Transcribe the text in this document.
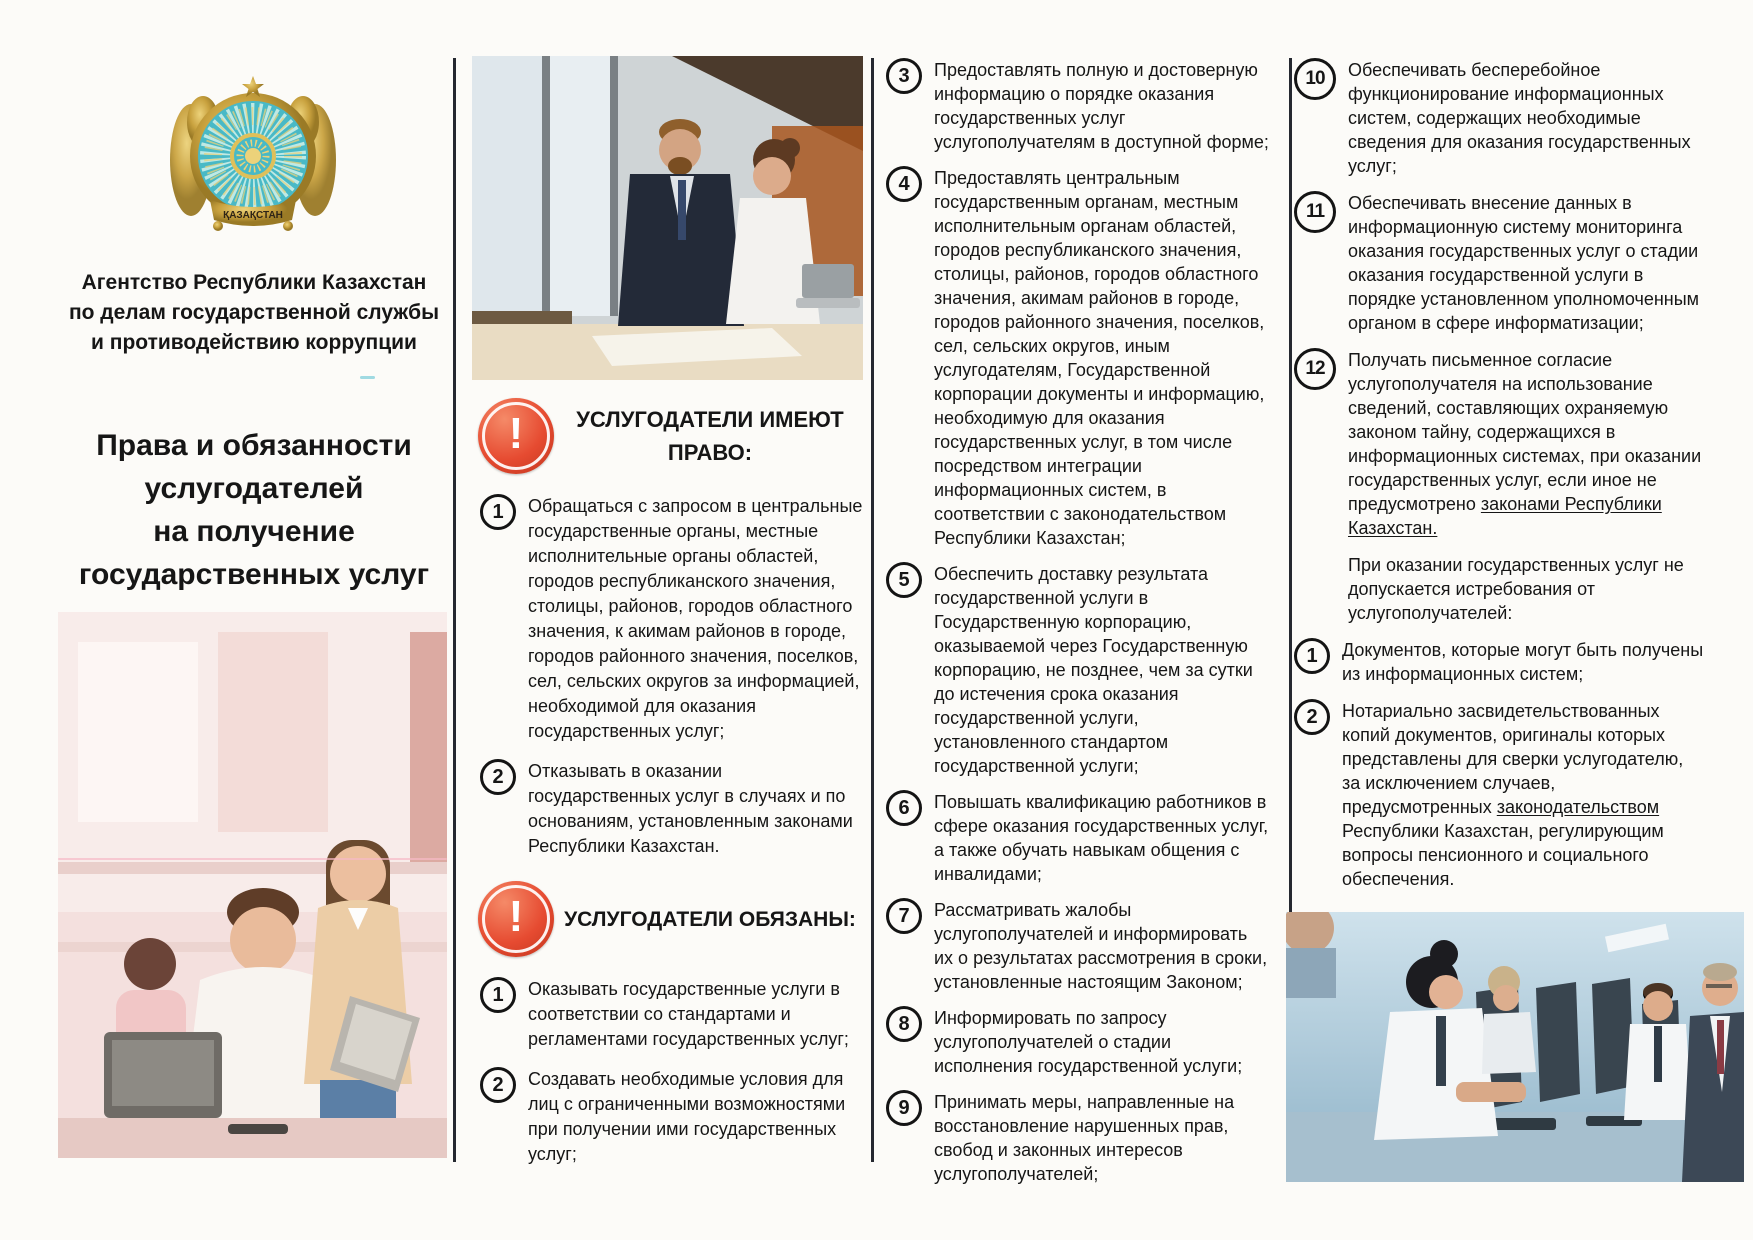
ҚАЗАҚСТАН
Агентство Республики Казахстан
по делам государственной службы
и противодействию коррупции
Права и обязанности
услугодателей
на получение
государственных услуг
!	УСЛУГОДАТЕЛИ ИМЕЮТ
ПРАВО:
1	Обращаться с запросом в центральные государственные органы, местные исполнительные органы областей, городов республиканского значения, столицы, районов, городов областного значения, к акимам районов в городе, городов районного значения, поселков, сел, сельских округов за информацией, необходимой для оказания государственных услуг;
2	Отказывать в оказании государственных услуг в случаях и по основаниям, установленным законами Республики Казахстан.
!	УСЛУГОДАТЕЛИ ОБЯЗАНЫ:
1	Оказывать государственные услуги в соответствии со стандартами и регламентами государственных услуг;
2	Создавать необходимые условия для лиц с ограниченными возможностями при получении ими государственных услуг;
3	Предоставлять полную и достоверную информацию о порядке оказания государственных услуг услугополучателям в доступной форме;
4	Предоставлять центральным государственным органам, местным исполнительным органам областей, городов республиканского значения, столицы, районов, городов областного значения, акимам районов в городе, городов районного значения, поселков, сел, сельских округов, иным услугодателям, Государственной корпорации документы и информацию, необходимую для оказания государственных услуг, в том числе посредством интеграции информационных систем, в соответствии с законодательством Республики Казахстан;
5	Обеспечить доставку результата государственной услуги в Государственную корпорацию, оказываемой через Государственную корпорацию, не позднее, чем за сутки до истечения срока оказания государственной услуги, установленного стандартом государственной услуги;
6	Повышать квалификацию работников в сфере оказания государственных услуг, а также обучать навыкам общения с инвалидами;
7	Рассматривать жалобы услугополучателей и информировать их о результатах рассмотрения в сроки, установленные настоящим Законом;
8	Информировать по запросу услугополучателей о стадии исполнения государственной услуги;
9	Принимать меры, направленные на восстановление нарушенных прав, свобод и законных интересов услугополучателей;
10	Обеспечивать бесперебойное функционирование информационных систем, содержащих необходимые сведения для оказания государственных услуг;
11	Обеспечивать внесение данных в информационную систему мониторинга оказания государственных услуг о стадии оказания государственной услуги в порядке установленном уполномоченным органом в сфере информатизации;
12	Получать письменное согласие услугополучателя на использование сведений, составляющих охраняемую законом тайну, содержащихся в информационных системах, при оказании государственных услуг, если иное не предусмотрено законами Республики Казахстан.
При оказании государственных услуг не допускается истребования от услугополучателей:
1	Документов, которые могут быть получены из информационных систем;
2	Нотариально засвидетельствованных копий документов, оригиналы которых представлены для сверки услугодателю, за исключением случаев, предусмотренных законодательством Республики Казахстан, регулирующим вопросы пенсионного и социального обеспечения.
